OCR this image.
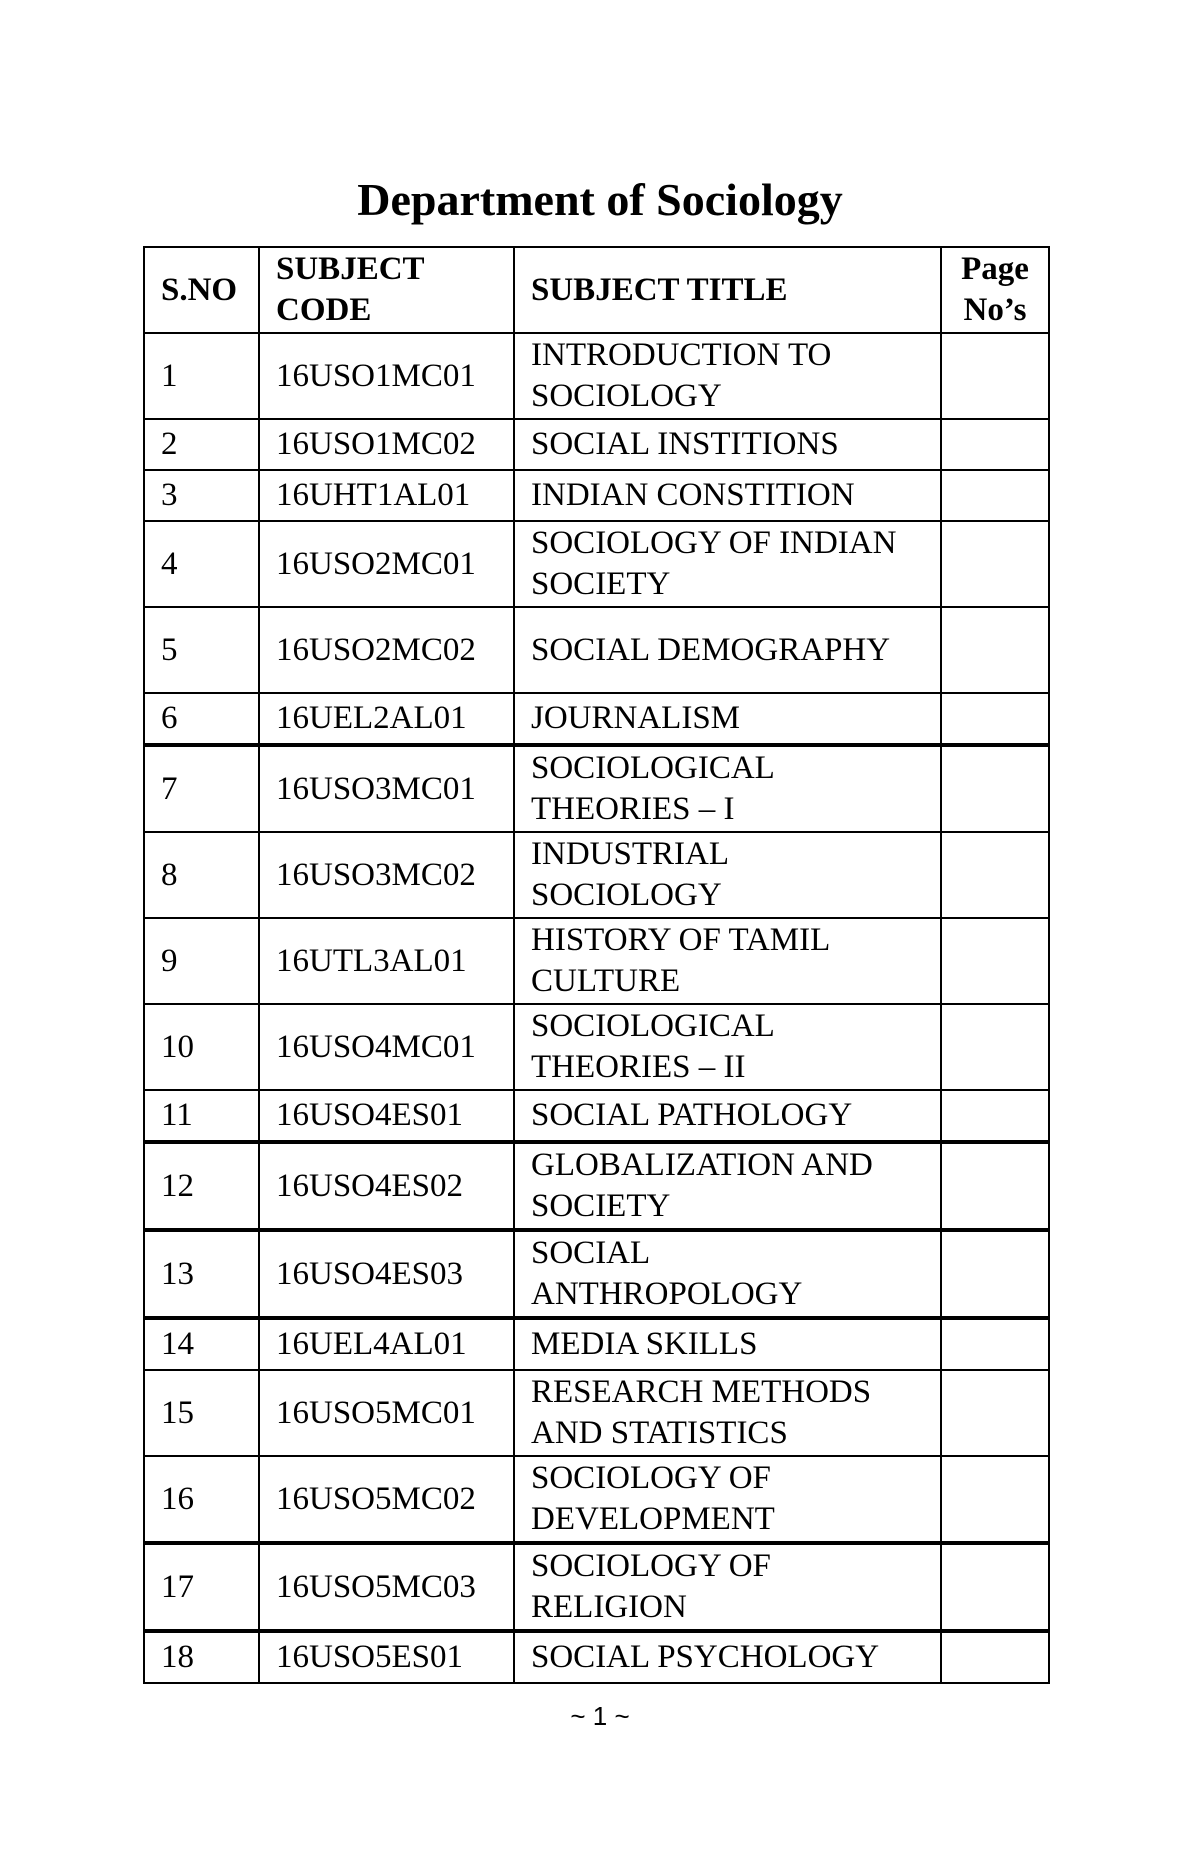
Department of Sociology
S.NO	SUBJECT CODE	SUBJECT TITLE	Page No’s
1	16USO1MC01	INTRODUCTION TO SOCIOLOGY	
2	16USO1MC02	SOCIAL INSTITIONS	
3	16UHT1AL01	INDIAN CONSTITION	
4	16USO2MC01	SOCIOLOGY OF INDIAN SOCIETY	
5	16USO2MC02	SOCIAL DEMOGRAPHY	
6	16UEL2AL01	JOURNALISM	
7	16USO3MC01	SOCIOLOGICAL THEORIES – I	
8	16USO3MC02	INDUSTRIAL SOCIOLOGY	
9	16UTL3AL01	HISTORY OF TAMIL CULTURE	
10	16USO4MC01	SOCIOLOGICAL THEORIES – II	
11	16USO4ES01	SOCIAL PATHOLOGY	
12	16USO4ES02	GLOBALIZATION AND SOCIETY	
13	16USO4ES03	SOCIAL ANTHROPOLOGY	
14	16UEL4AL01	MEDIA SKILLS	
15	16USO5MC01	RESEARCH METHODS AND STATISTICS	
16	16USO5MC02	SOCIOLOGY OF DEVELOPMENT	
17	16USO5MC03	SOCIOLOGY OF RELIGION	
18	16USO5ES01	SOCIAL PSYCHOLOGY	
~ 1 ~
